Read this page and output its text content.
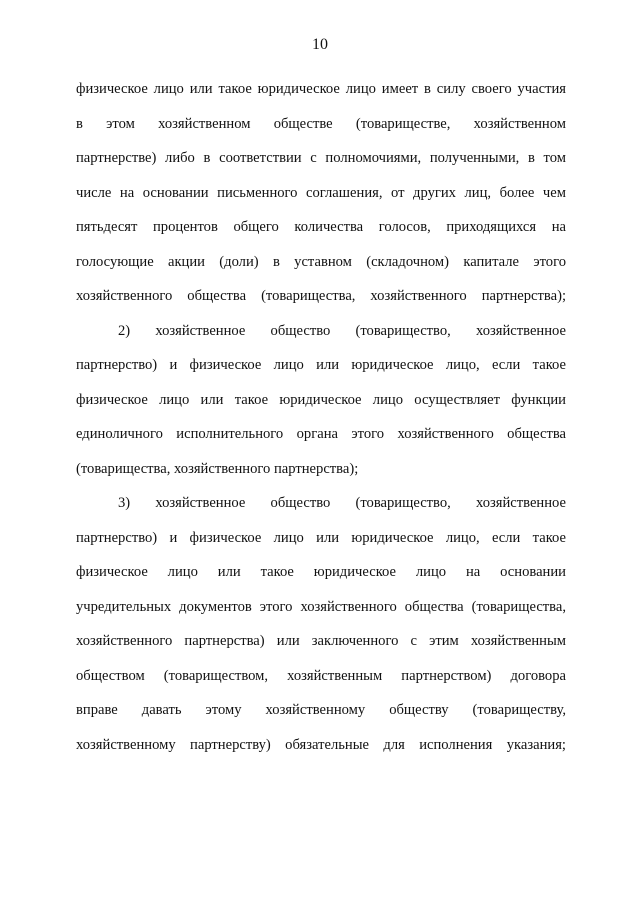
10
физическое лицо или такое юридическое лицо имеет в силу своего участия
в этом хозяйственном обществе (товариществе, хозяйственном
партнерстве) либо в соответствии с полномочиями, полученными, в том
числе на основании письменного соглашения, от других лиц, более чем
пятьдесят процентов общего количества голосов, приходящихся на
голосующие акции (доли) в уставном (складочном) капитале этого
хозяйственного общества (товарищества, хозяйственного партнерства);
2) хозяйственное общество (товарищество, хозяйственное
партнерство) и физическое лицо или юридическое лицо, если такое
физическое лицо или такое юридическое лицо осуществляет функции
единоличного исполнительного органа этого хозяйственного общества
(товарищества, хозяйственного партнерства);
3) хозяйственное общество (товарищество, хозяйственное
партнерство) и физическое лицо или юридическое лицо, если такое
физическое лицо или такое юридическое лицо на основании
учредительных документов этого хозяйственного общества (товарищества,
хозяйственного партнерства) или заключенного с этим хозяйственным
обществом (товариществом, хозяйственным партнерством) договора
вправе давать этому хозяйственному обществу (товариществу,
хозяйственному партнерству) обязательные для исполнения указания;
